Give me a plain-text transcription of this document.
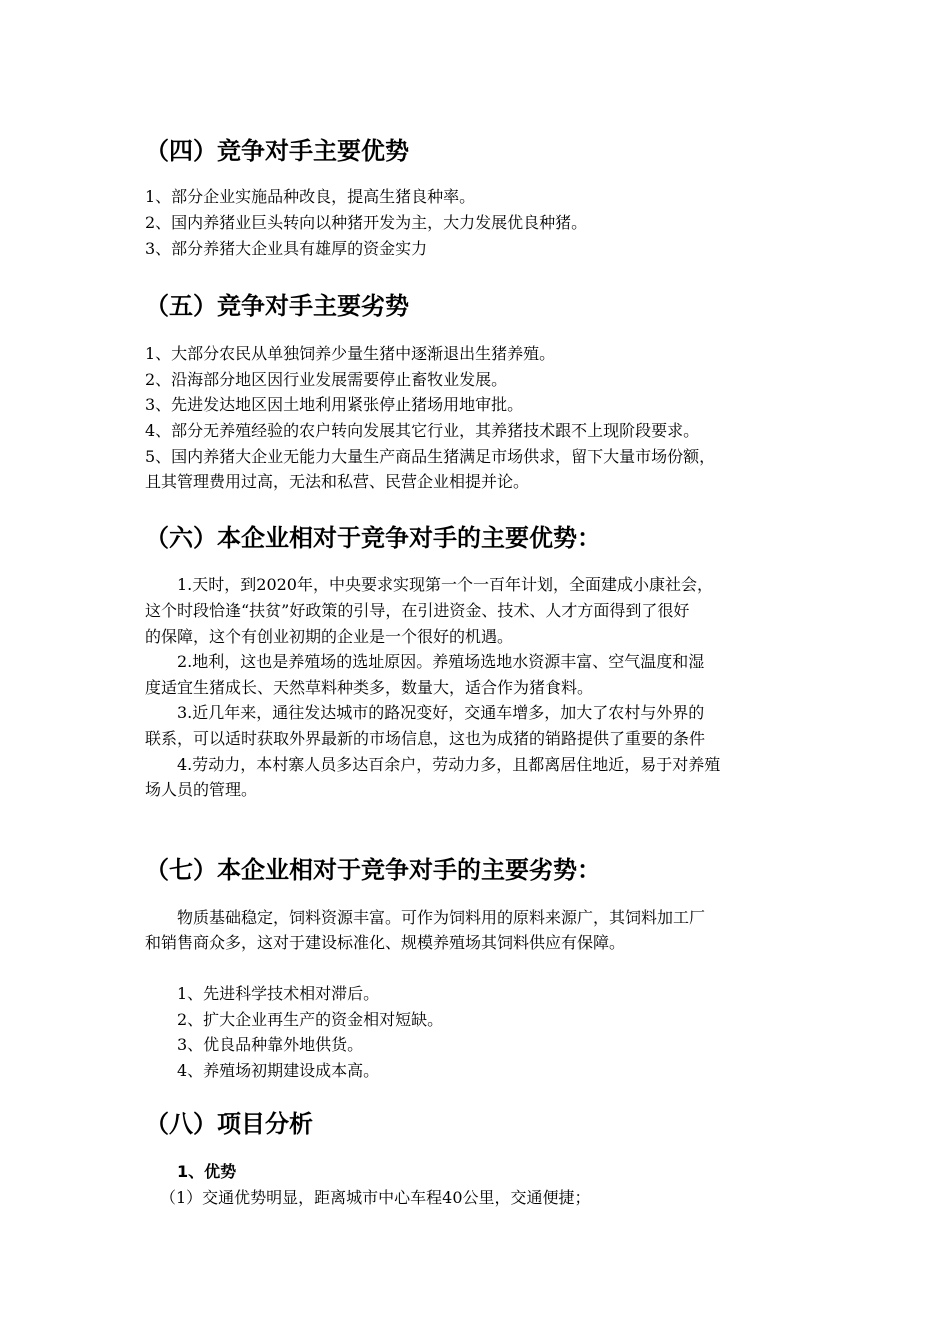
（四）竞争对手主要优势
1、部分企业实施品种改良，提高生猪良种率。
2、国内养猪业巨头转向以种猪开发为主，大力发展优良种猪。
3、部分养猪大企业具有雄厚的资金实力
（五）竞争对手主要劣势
1、大部分农民从单独饲养少量生猪中逐渐退出生猪养殖。
2、沿海部分地区因行业发展需要停止畜牧业发展。
3、先进发达地区因土地利用紧张停止猪场用地审批。
4、部分无养殖经验的农户转向发展其它行业，其养猪技术跟不上现阶段要求。
5、国内养猪大企业无能力大量生产商品生猪满足市场供求，留下大量市场份额，
且其管理费用过高，无法和私营、民营企业相提并论。
（六）本企业相对于竞争对手的主要优势：
1.天时，到2020年，中央要求实现第一个一百年计划，全面建成小康社会，
这个时段恰逢“扶贫”好政策的引导，在引进资金、技术、人才方面得到了很好
的保障，这个有创业初期的企业是一个很好的机遇。
2.地利，这也是养殖场的选址原因。养殖场选地水资源丰富、空气温度和湿
度适宜生猪成长、天然草料种类多，数量大，适合作为猪食料。
3.近几年来，通往发达城市的路况变好，交通车增多，加大了农村与外界的
联系，可以适时获取外界最新的市场信息，这也为成猪的销路提供了重要的条件
4.劳动力，本村寨人员多达百余户，劳动力多，且都离居住地近，易于对养殖
场人员的管理。
（七）本企业相对于竞争对手的主要劣势：
物质基础稳定，饲料资源丰富。可作为饲料用的原料来源广，其饲料加工厂
和销售商众多，这对于建设标准化、规模养殖场其饲料供应有保障。
1、先进科学技术相对滞后。
2、扩大企业再生产的资金相对短缺。
3、优良品种靠外地供货。
4、养殖场初期建设成本高。
（八）项目分析
1、优势
（1）交通优势明显，距离城市中心车程40公里，交通便捷；
